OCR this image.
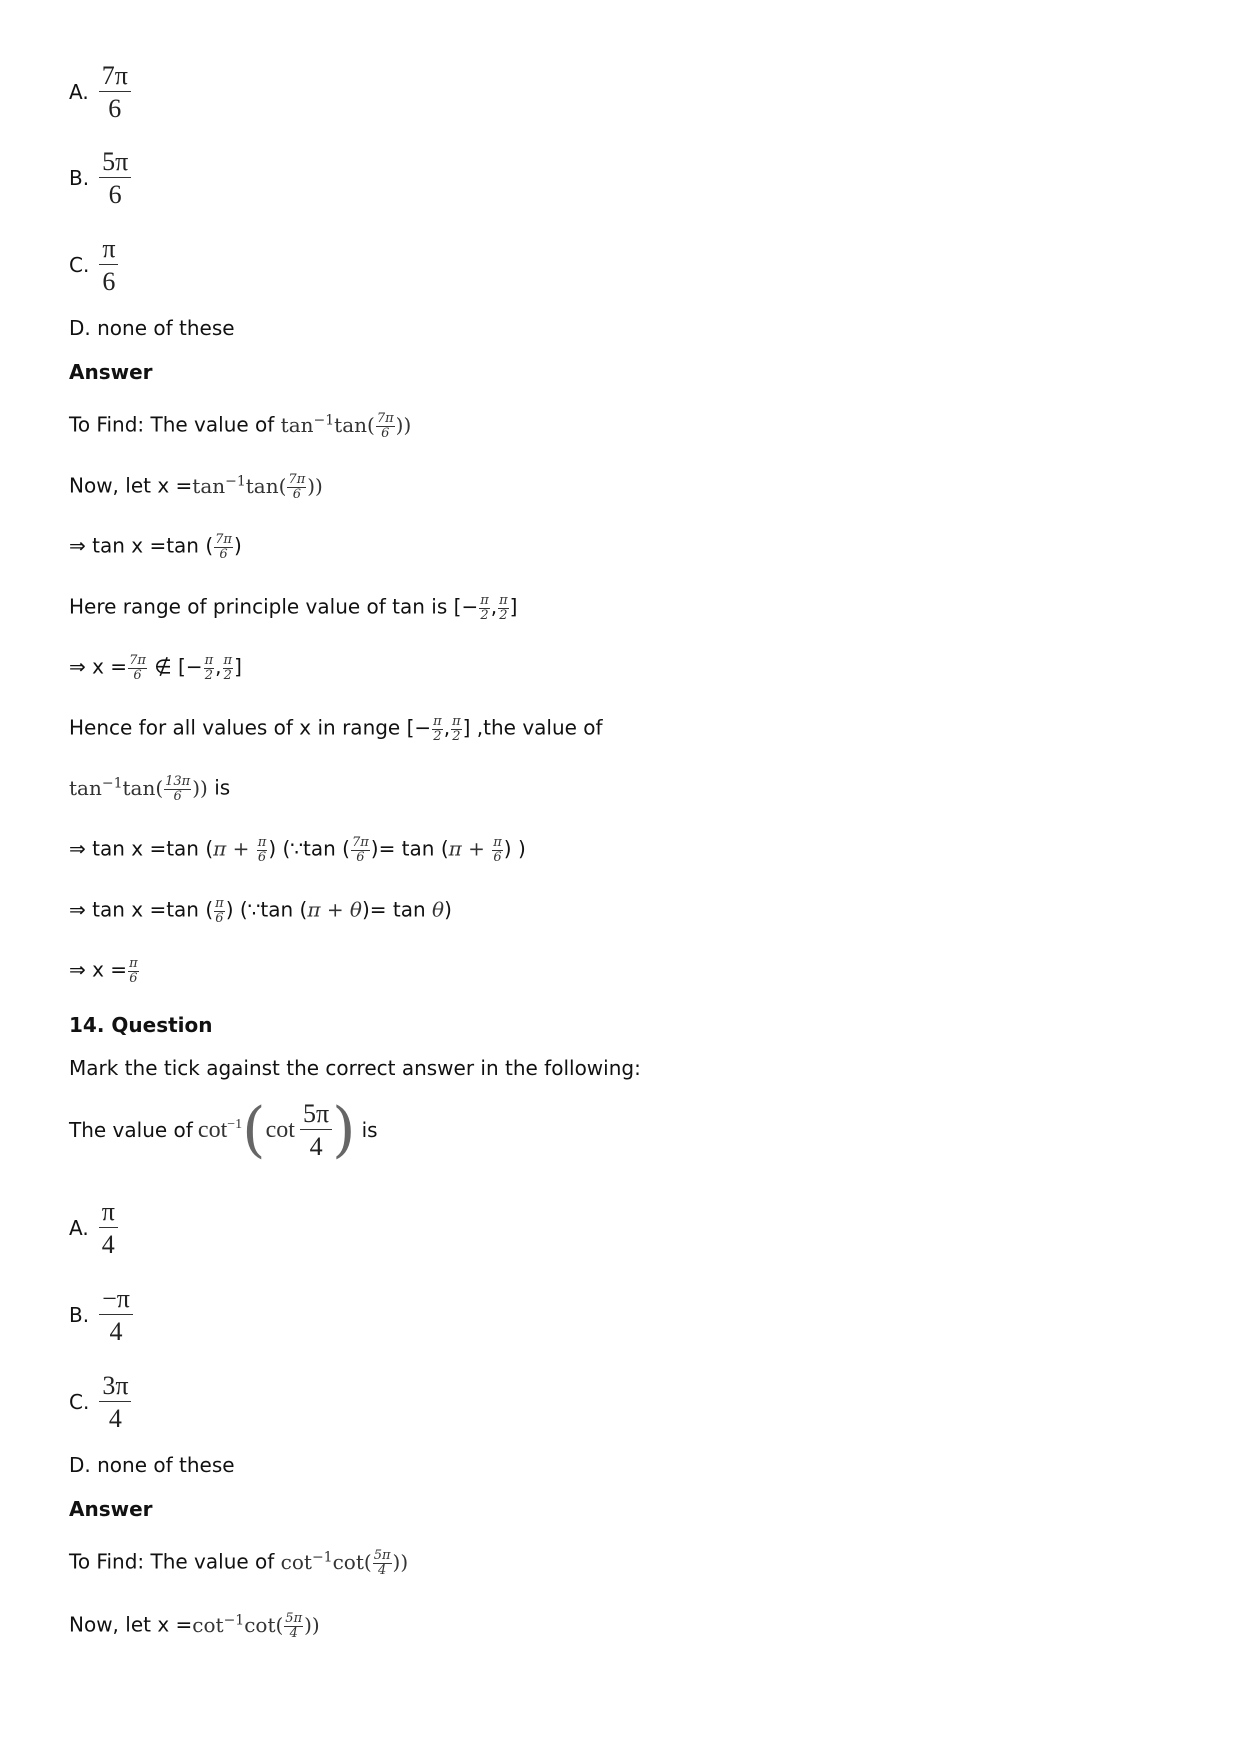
A. $\frac{7\pi}{6}$
B. $\frac{5\pi}{6}$
C. $\frac{\pi}{6}$
D. none of these
Answer
To Find: The value of $\tan^{-1}\tan( \frac{7\pi}{6}$ ))
Now, let $x =\tan^{-1}\tan( \frac{7\pi}{6}$ ))
⇒ tan x =tan ( $\frac{7\pi}{6}$ )
Here range of principle value of tan is [− $\frac{\pi}{2}$ , $\frac{\pi}{2}$ ]
⇒ $x = \frac{7\pi}{6}$ ∉ [− $\frac{\pi}{2}$ , $\frac{\pi}{2}$ ]
Hence for all values of x in range [− $\frac{\pi}{2}$ , $\frac{\pi}{2}$ ] ,the value of
$\tan^{-1}\tan( \frac{13\pi}{6}$ )) is
⇒ tan x =tan ($\pi + \frac{\pi}{6}$ ) (∵tan ( $\frac{7\pi}{6}$ )= $\tan (\pi + \frac{\pi}{6}$ ) )
⇒ tan x =tan ( $\frac{\pi}{6}$ ) (∵tan (π + θ)= tan θ)
⇒ $x = \frac{\pi}{6}$
14. Question
Mark the tick against the correct answer in the following:
The value of
$\cot^{-1}$ ( cot
$\frac{5\pi}{4}$ ) is
A. $\frac{\pi}{4}$
B. $\frac{-\pi}{4}$
C. $\frac{3\pi}{4}$
D. none of these
Answer
To Find: The value of $\cot^{-1}\cot( \frac{5\pi}{4}$ ))
Now, let $x =\cot^{-1}\cot( \frac{5\pi}{4}$ ))
